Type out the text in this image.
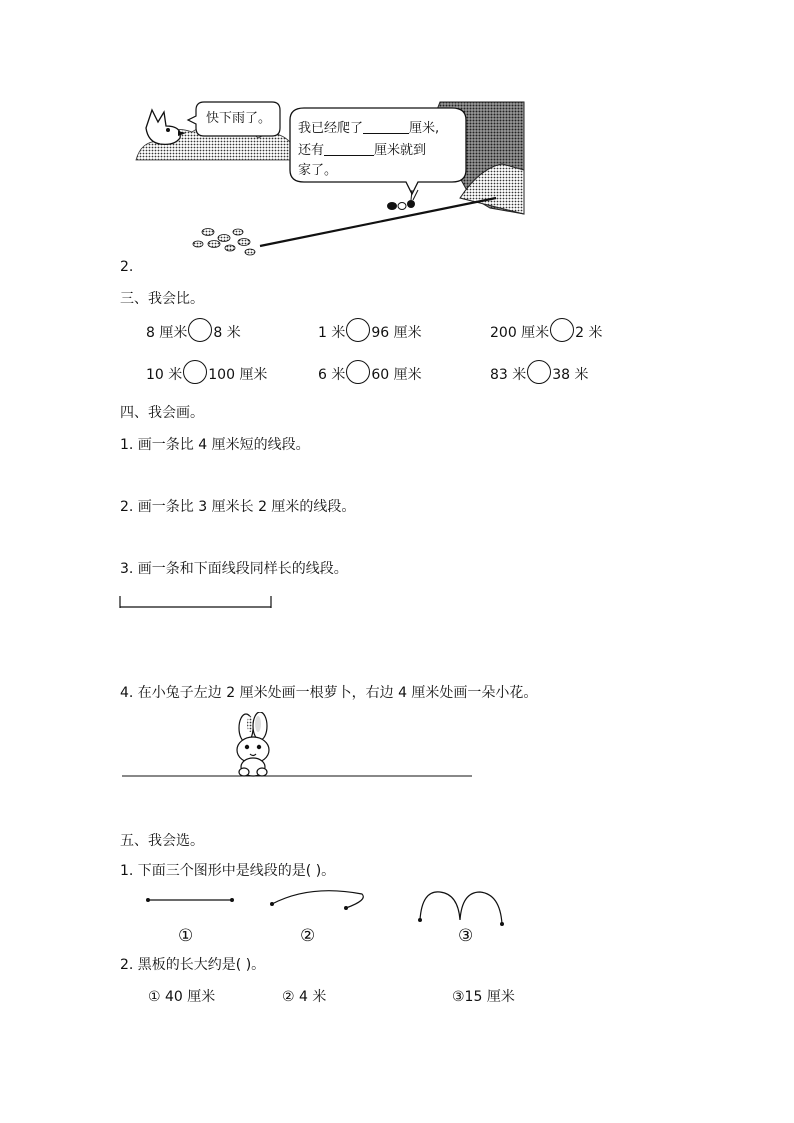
快下雨了。
我已经爬了	厘米,
还有	厘米就到
家了。
2.
三、我会比。
8 厘米 8 米	1 米 96 厘米	200 厘米 2 米
10 米 100 厘米	6 米 60 厘米	83 米 38 米
四、我会画。
1. 画一条比 4 厘米短的线段。
2. 画一条比 3 厘米长 2 厘米的线段。
3. 画一条和下面线段同样长的线段。
4. 在小兔子左边 2 厘米处画一根萝卜，右边 4 厘米处画一朵小花。
五、我会选。
1. 下面三个图形中是线段的是( )。
①	②	③
2. 黑板的长大约是( )。
① 40 厘米	② 4 米	③15 厘米
